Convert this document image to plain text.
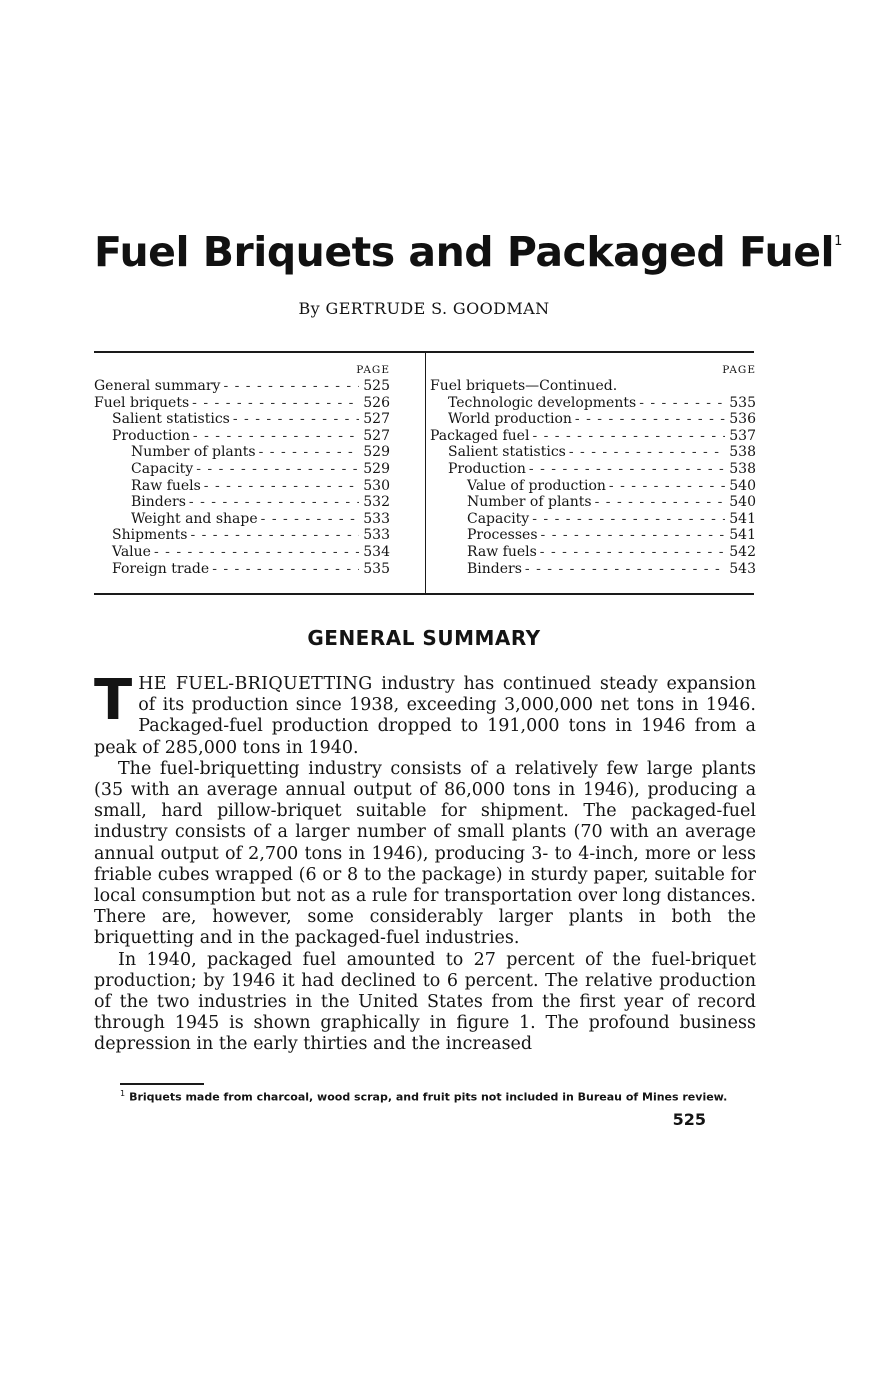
Fuel Briquets and Packaged Fuel$^1$
By GERTRUDE S. GOODMAN
PAGE
General summary - - -	525
Fuel briquets - - -	526
Salient statistics - - -	527
Production - - -	527
Number of plants - - -	529
Capacity - - -	529
Raw fuels - - -	530
Binders - - -	532
Weight and shape - - -	533
Shipments - - -	533
Value - - -	534
Foreign trade - - -	535
PAGE
Fuel briquets—Continued.
Technologic developments - - -	535
World production - - -	536
Packaged fuel - - -	537
Salient statistics - - -	538
Production - - -	538
Value of production - - -	540
Number of plants - - -	540
Capacity - - -	541
Processes - - -	541
Raw fuels - - -	542
Binders - - -	543
GENERAL SUMMARY

THE FUEL-BRIQUETTING industry has continued steady expansion of its production since 1938, exceeding 3,000,000 net tons in 1946. Packaged-fuel production dropped to 191,000 tons in 1946 from a peak of 285,000 tons in 1940.

The fuel-briquetting industry consists of a relatively few large plants (35 with an average annual output of 86,000 tons in 1946), producing a small, hard pillow-briquet suitable for shipment. The packaged-fuel industry consists of a larger number of small plants (70 with an average annual output of 2,700 tons in 1946), producing 3- to 4-inch, more or less friable cubes wrapped (6 or 8 to the package) in sturdy paper, suitable for local consumption but not as a rule for transportation over long distances. There are, however, some considerably larger plants in both the briquetting and in the packaged-fuel industries.

In 1940, packaged fuel amounted to 27 percent of the fuel-briquet production; by 1946 it had declined to 6 percent. The relative production of the two industries in the United States from the first year of record through 1945 is shown graphically in figure 1. The profound business depression in the early thirties and the increased

$^1$ Briquets made from charcoal, wood scrap, and fruit pits not included in Bureau of Mines review.
525
